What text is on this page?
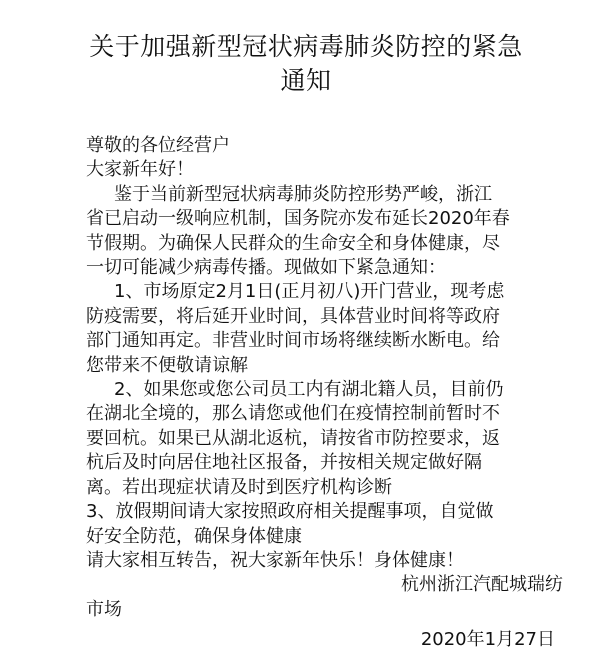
关于加强新型冠状病毒肺炎防控的紧急
通知
尊敬的各位经营户
大家新年好！
鉴于当前新型冠状病毒肺炎防控形势严峻，浙江
省已启动一级响应机制，国务院亦发布延长2020年春
节假期。为确保人民群众的生命安全和身体健康，尽
一切可能减少病毒传播。现做如下紧急通知：
1、市场原定2月1日(正月初八)开门营业，现考虑
防疫需要，将后延开业时间，具体营业时间将等政府
部门通知再定。非营业时间市场将继续断水断电。给
您带来不便敬请谅解
2、如果您或您公司员工内有湖北籍人员，目前仍
在湖北全境的，那么请您或他们在疫情控制前暂时不
要回杭。如果已从湖北返杭，请按省市防控要求，返
杭后及时向居住地社区报备，并按相关规定做好隔
离。若出现症状请及时到医疗机构诊断
3、放假期间请大家按照政府相关提醒事项，自觉做
好安全防范，确保身体健康
请大家相互转告，祝大家新年快乐！身体健康！
杭州浙江汽配城瑞纺
市场
2020年1月27日
